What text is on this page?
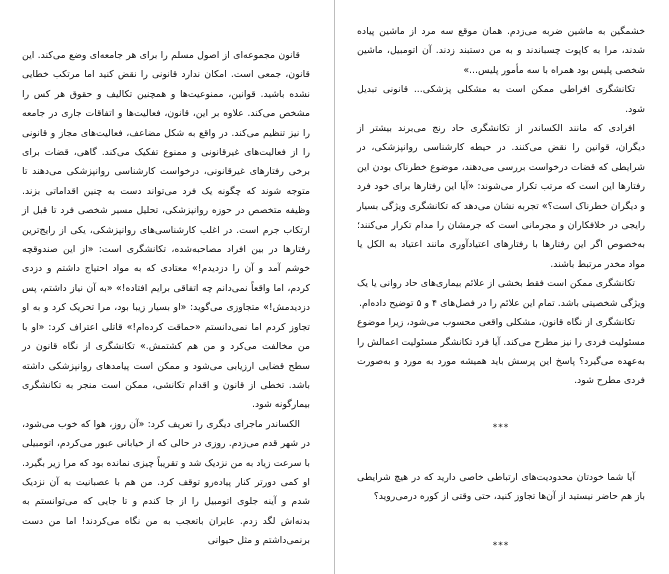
قانون مجموعه‌ای از اصول مسلم را برای هر جامعه‌ای وضع می‌کند. این قانون، جمعی است. امکان ندارد قانونی را نقض کنید اما مرتکب خطایی نشده باشید. قوانین، ممنوعیت‌ها و همچنین تکالیف و حقوق هر کس را مشخص می‌کند. علاوه بر این، قانون، فعالیت‌ها و اتفاقات جاری در جامعه را نیز تنظیم می‌کند. در واقع به شکل مضاعف، فعالیت‌های مجاز و قانونی را از فعالیت‌های غیرقانونی و ممنوع تفکیک می‌کند. گاهی، قضات برای برخی رفتارهای غیرقانونی، درخواست کارشناسی روانپزشکی می‌دهند تا متوجه شوند که چگونه یک فرد می‌تواند دست به چنین اقداماتی بزند. وظیفه متخصص در حوزه روانپزشکی، تحلیل مسیر شخصی فرد تا قبل از ارتکاب جرم است. در اغلب کارشناسی‌های روانپزشکی، یکی از رایج‌ترین رفتارها در بین افراد مصاحبه‌شده، تکانشگری است: «از این صندوقچه خوشم آمد و آن را دزدیدم!» معتادی که به مواد احتیاج داشتم و دزدی کردم، اما واقعاً نمی‌دانم چه اتفاقی برایم افتاده!» «به آن نیاز داشتم، پس دزدیدمش!» متجاوزی می‌گوید: «او بسیار زیبا بود، مرا تحریک کرد و به او تجاوز کردم اما نمی‌دانستم «حماقت کرده‌ام!» قاتلی اعتراف کرد: «او با من مخالفت می‌کرد و من هم کشتمش.» تکانشگری از نگاه قانون در سطح قضایی ارزیابی می‌شود و ممکن است پیامدهای روانپزشکی داشته باشد. تخطی از قانون و اقدام تکانشی، ممکن است منجر به تکانشگری بیمارگونه شود.

الکساندر ماجرای دیگری را تعریف کرد: «آن روز، هوا که خوب می‌شود، در شهر قدم می‌زدم. روزی در حالی که از خیابانی عبور می‌کردم، اتومبیلی با سرعت زیاد به من نزدیک شد و تقریباً چیزی نمانده بود که مرا زیر بگیرد. او کمی دورتر کنار پیاده‌رو توقف کرد. من هم با عصبانیت به آن نزدیک شدم و آینه جلوی اتومبیل را از جا کندم و تا جایی که می‌توانستم به بدنه‌اش لگد زدم. عابران باتعجب به من نگاه می‌کردند! اما من دست برنمی‌داشتم و مثل حیوانی

خشمگین به ماشین ضربه می‌زدم. همان موقع سه مرد از ماشین پیاده شدند، مرا به کاپوت چسباندند و به من دستبند زدند. آن اتومبیل، ماشین شخصی پلیس بود همراه با سه مأمور پلیس...»

تکانشگری افراطی ممکن است به مشکلی پزشکی... قانونی تبدیل شود.

افرادی که مانند الکساندر از تکانشگری حاد رنج می‌برند بیشتر از دیگران، قوانین را نقض می‌کنند. در حیطه کارشناسی روانپزشکی، در شرایطی که قضات درخواست بررسی می‌دهند، موضوع خطرناک بودن این رفتارها این است که مرتب تکرار می‌شوند: «آیا این رفتارها برای خود فرد و دیگران خطرناک است؟» تجربه نشان می‌دهد که تکانشگری ویژگی بسیار رایجی در خلافکاران و مجرمانی است که جرمشان را مدام تکرار می‌کنند؛ به‌خصوص اگر این رفتارها با رفتارهای اعتیادآوری مانند اعتیاد به الکل یا مواد مخدر مرتبط باشند.

تکانشگری ممکن است فقط بخشی از علائم بیماری‌های حاد روانی یا یک ویژگی شخصیتی باشد. تمام این علائم را در فصل‌های ۴ و ۵ توضیح داده‌ام.

تکانشگری از نگاه قانون، مشکلی واقعی محسوب می‌شود، زیرا موضوع مسئولیت فردی را نیز مطرح می‌کند. آیا فرد تکانشگر مسئولیت اعمالش را به‌عهده می‌گیرد؟ پاسخ این پرسش باید همیشه مورد به مورد و به‌صورت فردی مطرح شود.

***

آیا شما خودتان محدودیت‌های ارتباطی خاصی دارید که در هیچ شرایطی باز هم حاضر نیستید از آن‌ها تجاوز کنید، حتی وقتی از کوره درمی‌روید؟

***
